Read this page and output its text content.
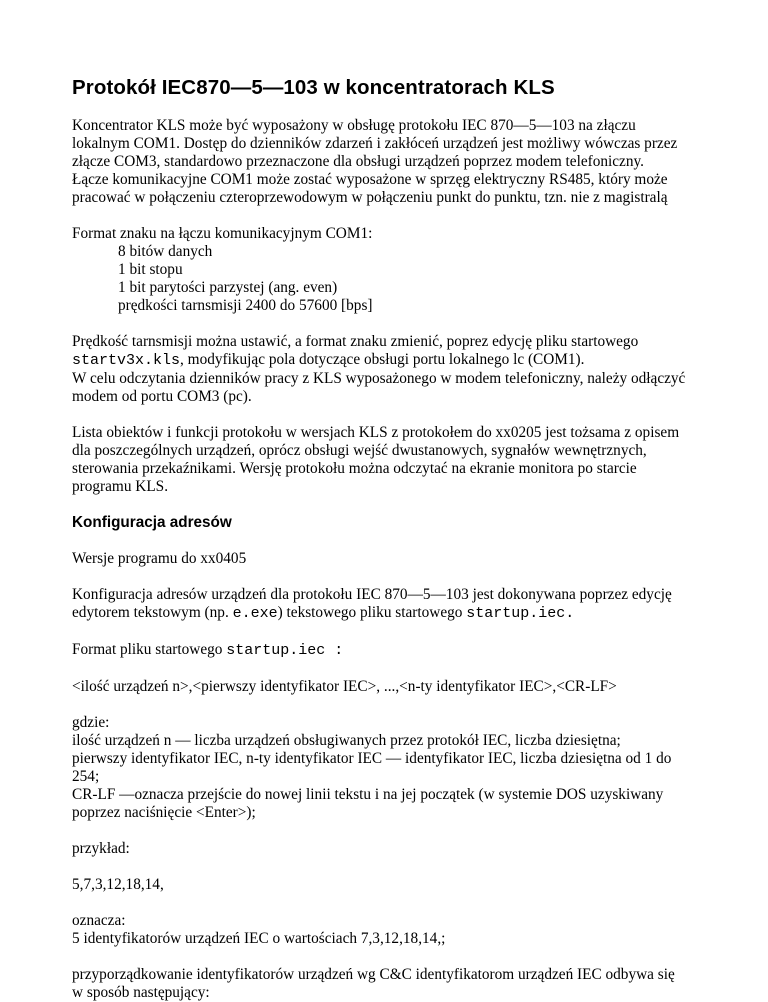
Protokół IEC870—5—103 w koncentratorach KLS

Koncentrator KLS może być wyposażony w obsługę protokołu IEC 870—5—103 na złączu
lokalnym COM1. Dostęp do dzienników zdarzeń i zakłóceń urządzeń jest możliwy wówczas przez
złącze COM3, standardowo przeznaczone dla obsługi urządzeń poprzez modem telefoniczny.
Łącze komunikacyjne COM1 może zostać wyposażone w sprzęg elektryczny RS485, który może
pracować w połączeniu czteroprzewodowym w połączeniu punkt do punktu, tzn. nie z magistralą

Format znaku na łączu komunikacyjnym COM1:
8 bitów danych
1 bit stopu
1 bit parytości parzystej (ang. even)
prędkości tarnsmisji 2400 do 57600 [bps]

Prędkość tarnsmisji można ustawić, a format znaku zmienić, poprez edycję pliku startowego
startv3x.kls, modyfikując pola dotyczące obsługi portu lokalnego lc (COM1).
W celu odczytania dzienników pracy z KLS wyposażonego w modem telefoniczny, należy odłączyć
modem od portu COM3 (pc).

Lista obiektów i funkcji protokołu w wersjach KLS z protokołem do xx0205 jest tożsama z opisem
dla poszczególnych urządzeń, oprócz obsługi wejść dwustanowych, sygnałów wewnętrznych,
sterowania przekaźnikami. Wersję protokołu można odczytać na ekranie monitora po starcie
programu KLS.

Konfiguracja adresów

Wersje programu do xx0405

Konfiguracja adresów urządzeń dla protokołu IEC 870—5—103 jest dokonywana poprzez edycję
edytorem tekstowym (np. e.exe) tekstowego pliku startowego startup.iec.

Format pliku startowego startup.iec :

<ilość urządzeń n>,<pierwszy identyfikator IEC>, ...,<n-ty identyfikator IEC>,<CR-LF>

gdzie:
ilość urządzeń n — liczba urządzeń obsługiwanych przez protokół IEC, liczba dziesiętna;
pierwszy identyfikator IEC, n-ty identyfikator IEC — identyfikator IEC, liczba dziesiętna od 1 do
254;
CR-LF —oznacza przejście do nowej linii tekstu i na jej początek (w systemie DOS uzyskiwany
poprzez naciśnięcie <Enter>);

przykład:

5,7,3,12,18,14,

oznacza:
5 identyfikatorów urządzeń IEC o wartościach 7,3,12,18,14,;

przyporządkowanie identyfikatorów urządzeń wg C&C identyfikatorom urządzeń IEC odbywa się
w sposób następujący:
